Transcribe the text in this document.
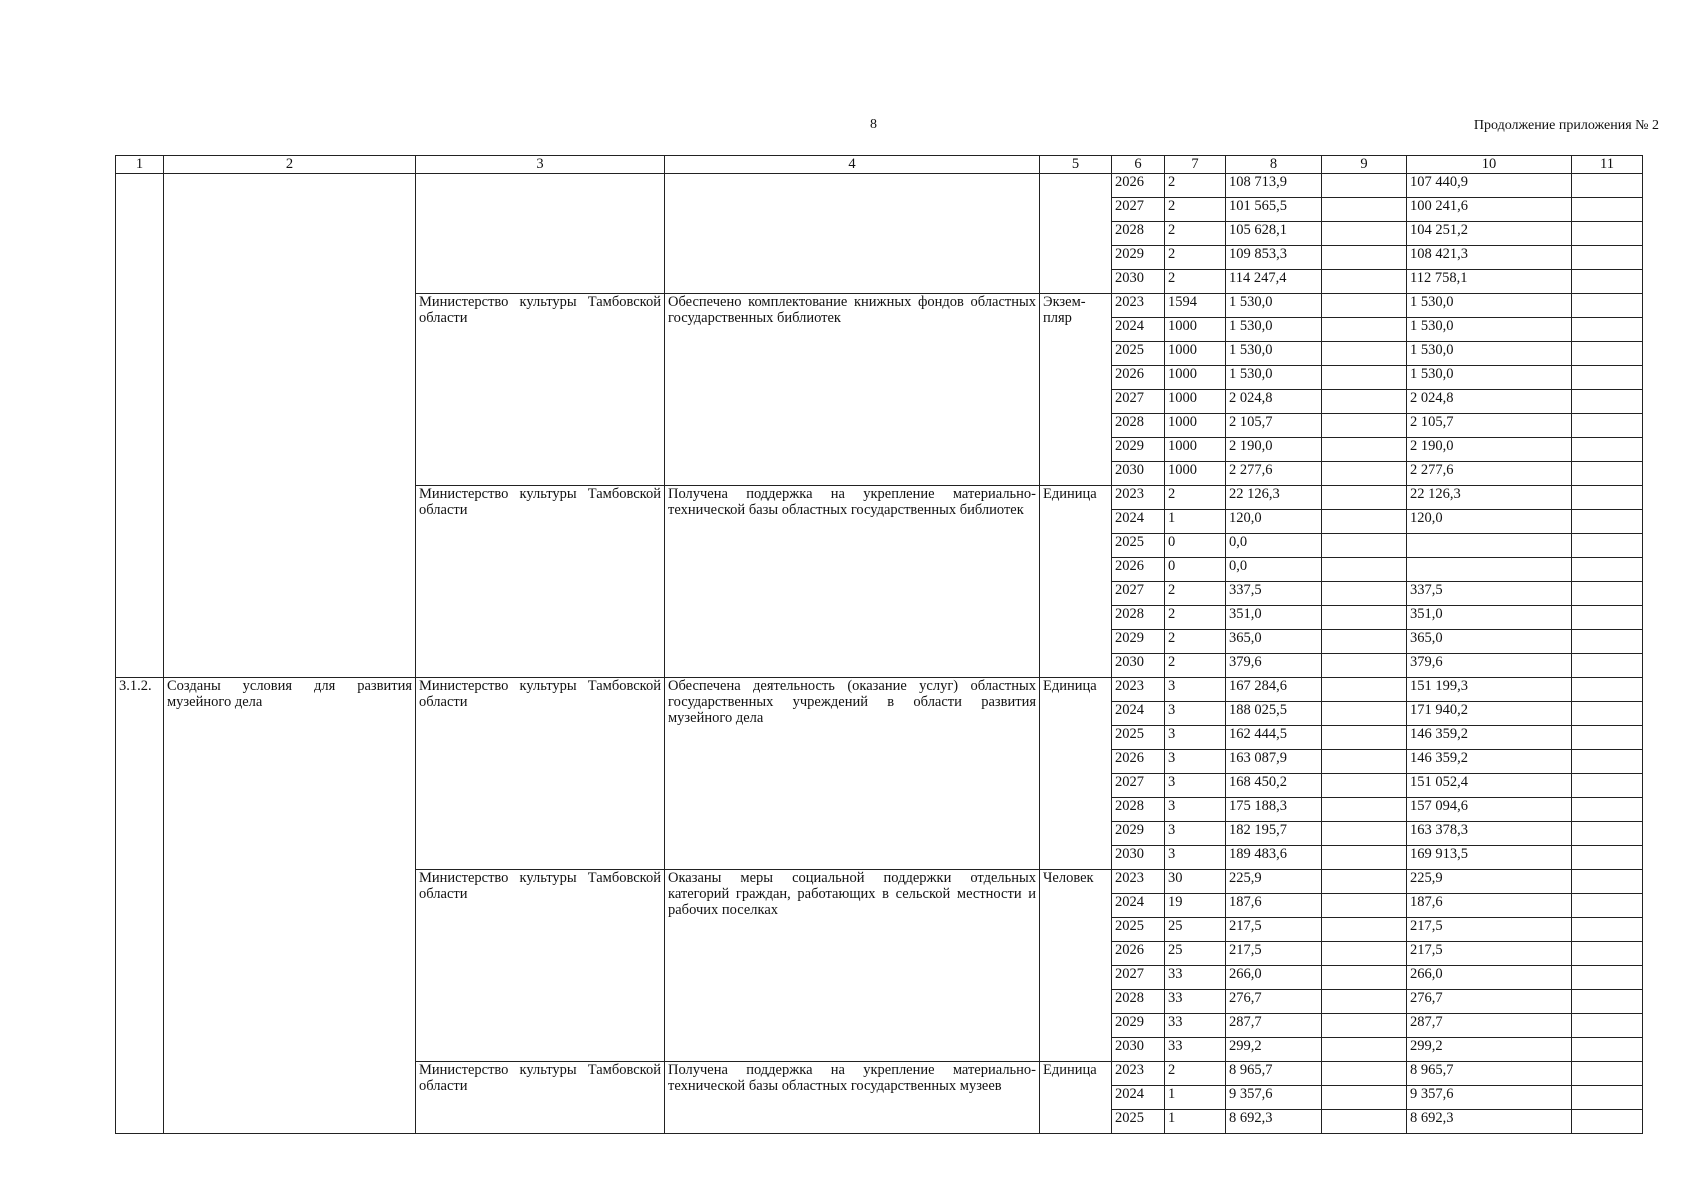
8	Продолжение приложения № 2
1	2	3	4	5	6	7	8	9	10	11	
					2026	2	108 713,9		107 440,9		
					2027	2	101 565,5		100 241,6		
					2028	2	105 628,1		104 251,2		
					2029	2	109 853,3		108 421,3		
					2030	2	114 247,4		112 758,1		
		Министерство культуры Тамбовской области	Обеспечено комплектование книжных фондов областных государственных библиотек	Экзем-пляр	2023	1594	1 530,0		1 530,0		
					2024	1000	1 530,0		1 530,0		
					2025	1000	1 530,0		1 530,0		
					2026	1000	1 530,0		1 530,0		
					2027	1000	2 024,8		2 024,8		
					2028	1000	2 105,7		2 105,7		
					2029	1000	2 190,0		2 190,0		
					2030	1000	2 277,6		2 277,6		
		Министерство культуры Тамбовской области	Получена поддержка на укрепление материально-технической базы областных государственных библиотек	Единица	2023	2	22 126,3		22 126,3		
					2024	1	120,0		120,0		
					2025	0	0,0				
					2026	0	0,0				
					2027	2	337,5		337,5		
					2028	2	351,0		351,0		
					2029	2	365,0		365,0		
					2030	2	379,6		379,6		
3.1.2.	Созданы условия для развития музейного дела	Министерство культуры Тамбовской области	Обеспечена деятельность (оказание услуг) областных государственных учреждений в области развития музейного дела	Единица	2023	3	167 284,6		151 199,3		
					2024	3	188 025,5		171 940,2		
					2025	3	162 444,5		146 359,2		
					2026	3	163 087,9		146 359,2		
					2027	3	168 450,2		151 052,4		
					2028	3	175 188,3		157 094,6		
					2029	3	182 195,7		163 378,3		
					2030	3	189 483,6		169 913,5		
		Министерство культуры Тамбовской области	Оказаны меры социальной поддержки отдельных категорий граждан, работающих в сельской местности и рабочих поселках	Человек	2023	30	225,9		225,9		
					2024	19	187,6		187,6		
					2025	25	217,5		217,5		
					2026	25	217,5		217,5		
					2027	33	266,0		266,0		
					2028	33	276,7		276,7		
					2029	33	287,7		287,7		
					2030	33	299,2		299,2		
		Министерство культуры Тамбовской области	Получена поддержка на укрепление материально-технической базы областных государственных музеев	Единица	2023	2	8 965,7		8 965,7		
					2024	1	9 357,6		9 357,6		
					2025	1	8 692,3		8 692,3		
